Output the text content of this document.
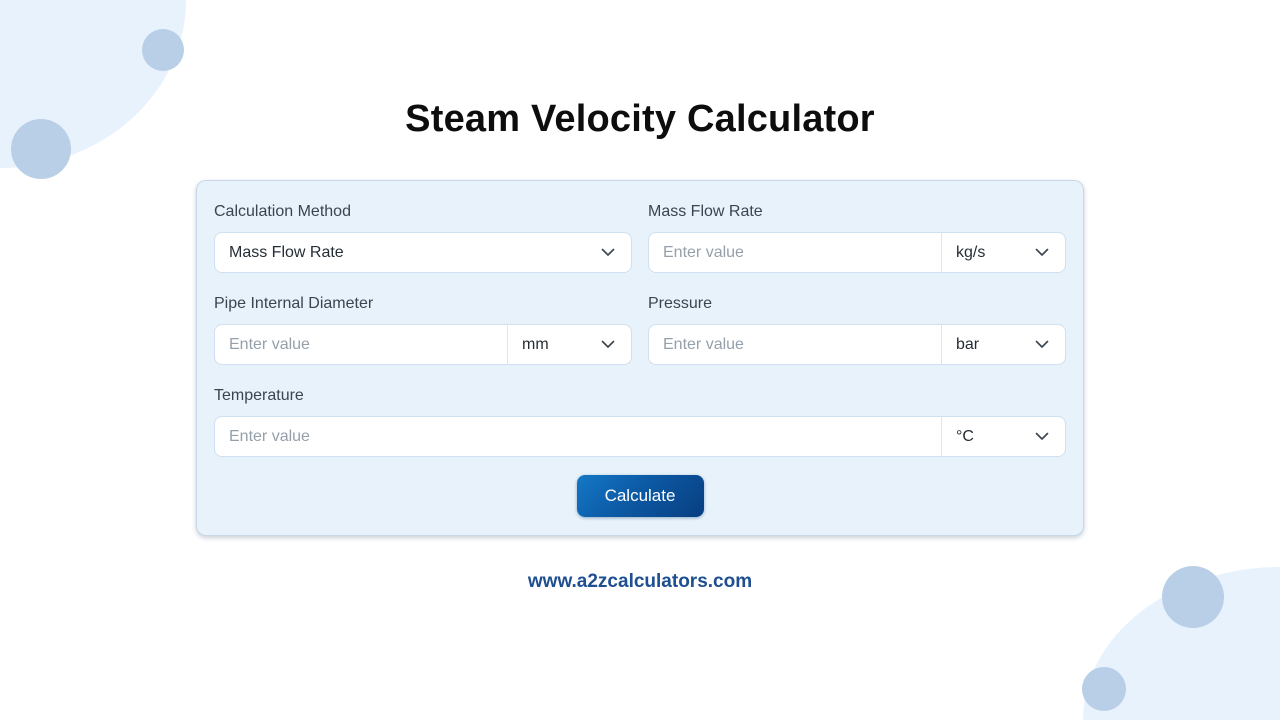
Steam Velocity Calculator
Calculation Method
Mass Flow Rate
Mass Flow Rate
Enter value
kg/s
Pipe Internal Diameter
Enter value
mm
Pressure
Enter value
bar
Temperature
Enter value
°C
Calculate
www.a2zcalculators.com
